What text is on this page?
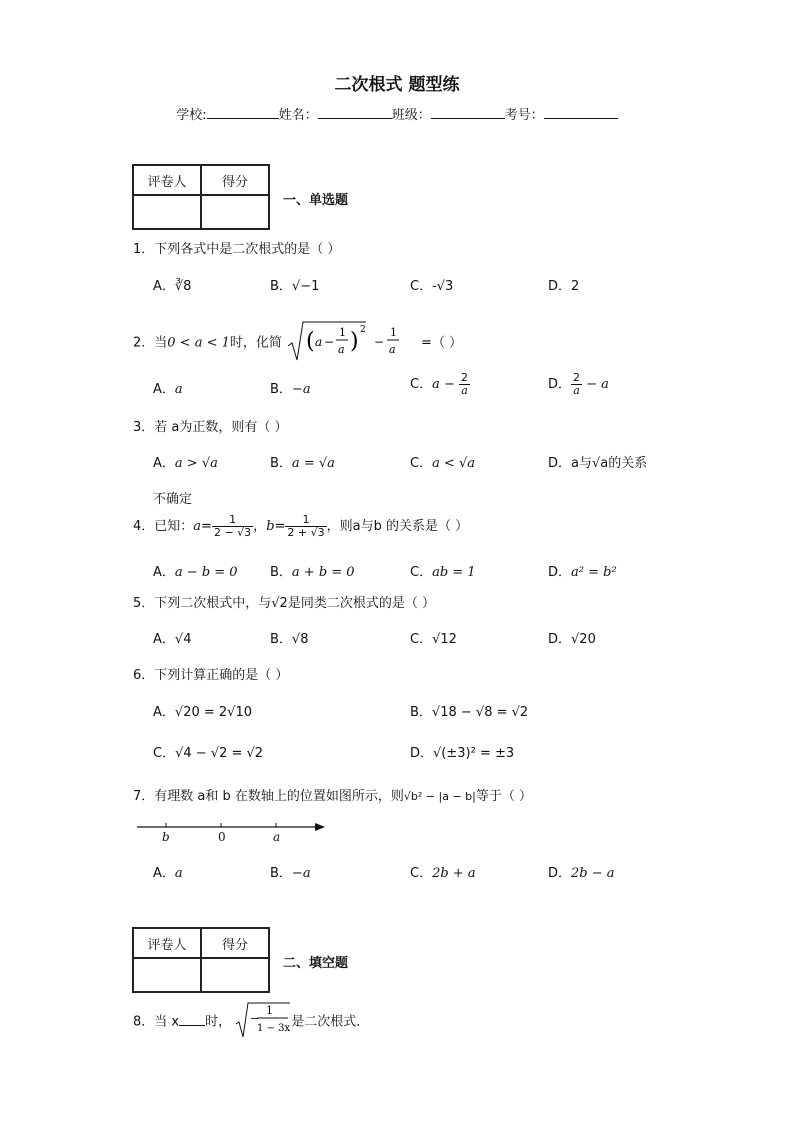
二次根式 题型练
学校:	姓名：	班级：	考号：
评卷人	得分

一、单选题
1．下列各式中是二次根式的是（ ）
A．∛8	B．√−1	C．-√3	D．2
2．当0 < a < 1时，化简 ( a −
1
a ) 2
−
1
a =（ ）
A．a	B．−a	C．$a - \frac{2}{a}$	D． $\frac{2}{a} - a$
3．若 a为正数，则有（ ）
A．a > √a	B．a = √a	C．a < √a	D．a与√a的关系
不确定
4．已知：$a= \frac{1}{2 - √3}$ ，$b= \frac{1}{2 + √3}$ ，则a与b 的关系是（ ）
A．a − b = 0 B．a + b = 0	C．ab = 1	D．a² = b²
5．下列二次根式中，与√2是同类二次根式的是（ ）
A．√4	B．√8	C．√12	D．√20
6．下列计算正确的是（ ）
A．√20 = 2√10	B．√18 − √8 = √2
C．√4 − √2 = √2	D．√(±3)² = ±3
7．有理数 a和 b 在数轴上的位置如图所示，则√b² − |a − b|等于（ ）
b	0	a
A．a	B．−a	C．2b + a	D．2b − a
评卷人	得分

二、填空题
8．当 x 时， −
1
1 − 3x 是二次根式．
